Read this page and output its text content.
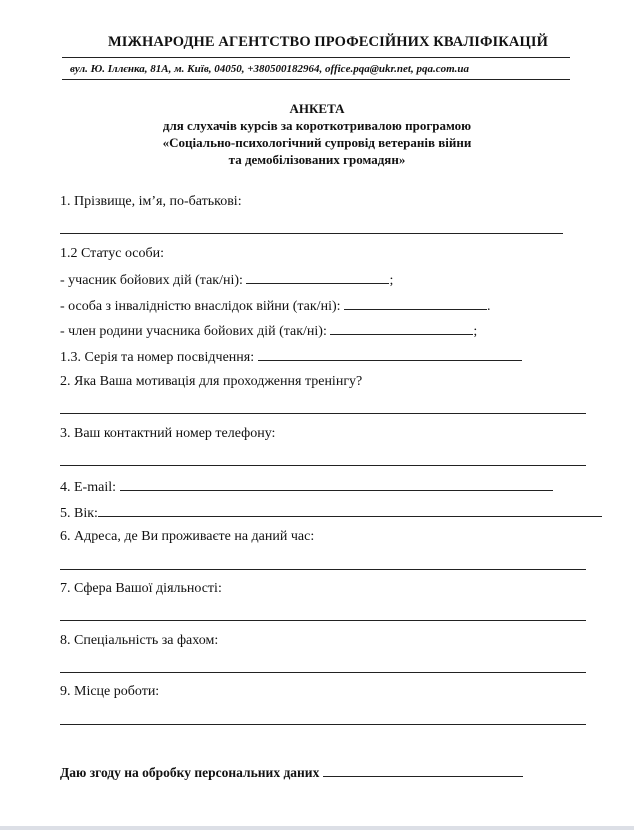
МІЖНАРОДНЕ АГЕНТСТВО ПРОФЕСІЙНИХ КВАЛІФІКАЦІЙ
вул. Ю. Іллєнка, 81А, м. Київ, 04050, +380500182964, office.pqa@ukr.net, pqa.com.ua
АНКЕТА
для слухачів курсів за короткотривалою програмою
«Соціально-психологічний супровід ветеранів війни
та демобілізованих громадян»
1. Прізвище, ім’я, по-батькові:
1.2 Статус особи:
- учасник бойових дій (так/ні):	;
- особа з інвалідністю внаслідок війни (так/ні):	.
- член родини учасника бойових дій (так/ні):	;
1.3. Серія та номер посвідчення:
2. Яка Ваша мотивація для проходження тренінгу?
3. Ваш контактний номер телефону:
4. E-mail:
5. Вік:
6. Адреса, де Ви проживаєте на даний час:
7. Сфера Вашої діяльності:
8. Спеціальність за фахом:
9. Місце роботи:
Даю згоду на обробку персональних даних
